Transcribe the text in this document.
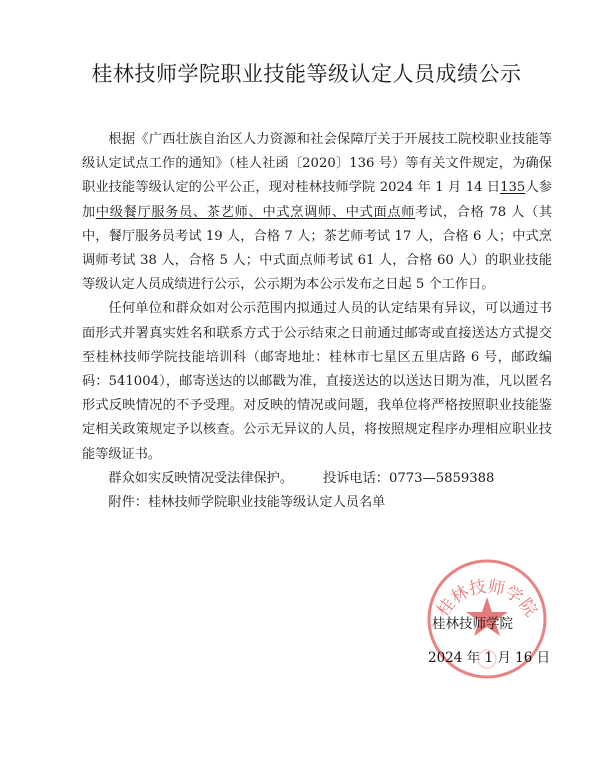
桂林技师学院职业技能等级认定人员成绩公示

根据《广西壮族自治区人力资源和社会保障厅关于开展技工院校职业技能等级认定试点工作的通知》（桂人社函〔2020〕136 号）等有关文件规定，为确保职业技能等级认定的公平公正，现对桂林技师学院 2024 年 1 月 14 日135人参加中级餐厅服务员、茶艺师、中式烹调师、中式面点师考试，合格 78 人（其中，餐厅服务员考试 19 人，合格 7 人；茶艺师考试 17 人，合格 6 人；中式烹调师考试 38 人，合格 5 人；中式面点师考试 61 人，合格 60 人）的职业技能等级认定人员成绩进行公示，公示期为本公示发布之日起 5 个工作日。

任何单位和群众如对公示范围内拟通过人员的认定结果有异议，可以通过书面形式并署真实姓名和联系方式于公示结束之日前通过邮寄或直接送达方式提交至桂林技师学院技能培训科（邮寄地址：桂林市七星区五里店路 6 号，邮政编码：541004），邮寄送达的以邮戳为准，直接送达的以送达日期为准，凡以匿名形式反映情况的不予受理。对反映的情况或问题，我单位将严格按照职业技能鉴定相关政策规定予以核查。公示无异议的人员，将按照规定程序办理相应职业技能等级证书。

群众如实反映情况受法律保护。 投诉电话：0773—5859388

附件：桂林技师学院职业技能等级认定人员名单

桂林技师学院
桂林技师学院
2024 年 1 月 16 日
